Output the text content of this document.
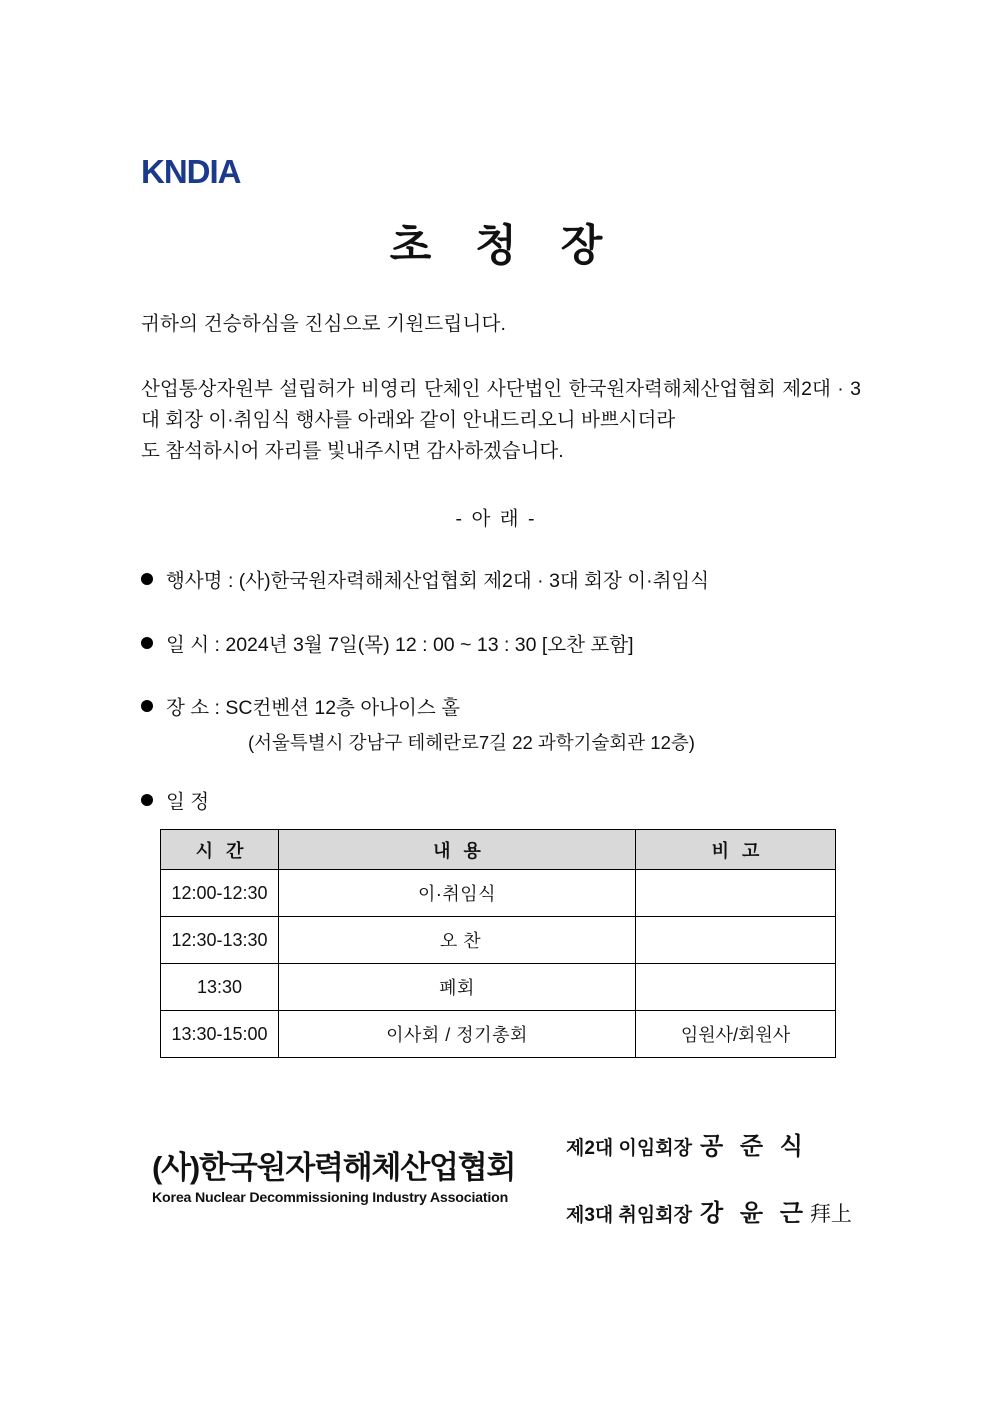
KNDIA
초 청 장
귀하의 건승하심을 진심으로 기원드립니다.
산업통상자원부 설립허가 비영리 단체인 사단법인 한국원자력해체산업협회 제2대 · 3대 회장 이·취임식 행사를 아래와 같이 안내드리오니 바쁘시더라
도 참석하시어 자리를 빛내주시면 감사하겠습니다.
- 아 래 -
행사명 : (사)한국원자력해체산업협회 제2대 · 3대 회장 이·취임식
일 시 : 2024년 3월 7일(목) 12 : 00 ~ 13 : 30 [오찬 포함]
장 소 : SC컨벤션 12층 아나이스 홀
(서울특별시 강남구 테헤란로7길 22 과학기술회관 12층)
일 정
시 간	내 용	비 고
12:00-12:30	이·취임식	
12:30-13:30	오 찬	
13:30	폐회	
13:30-15:00	이사회 / 정기총회	임원사/회원사
(사)한국원자력해체산업협회
Korea Nuclear Decommissioning Industry Association
제2대 이임회장 공 준 식
제3대 취임회장 강 윤 근拜上
